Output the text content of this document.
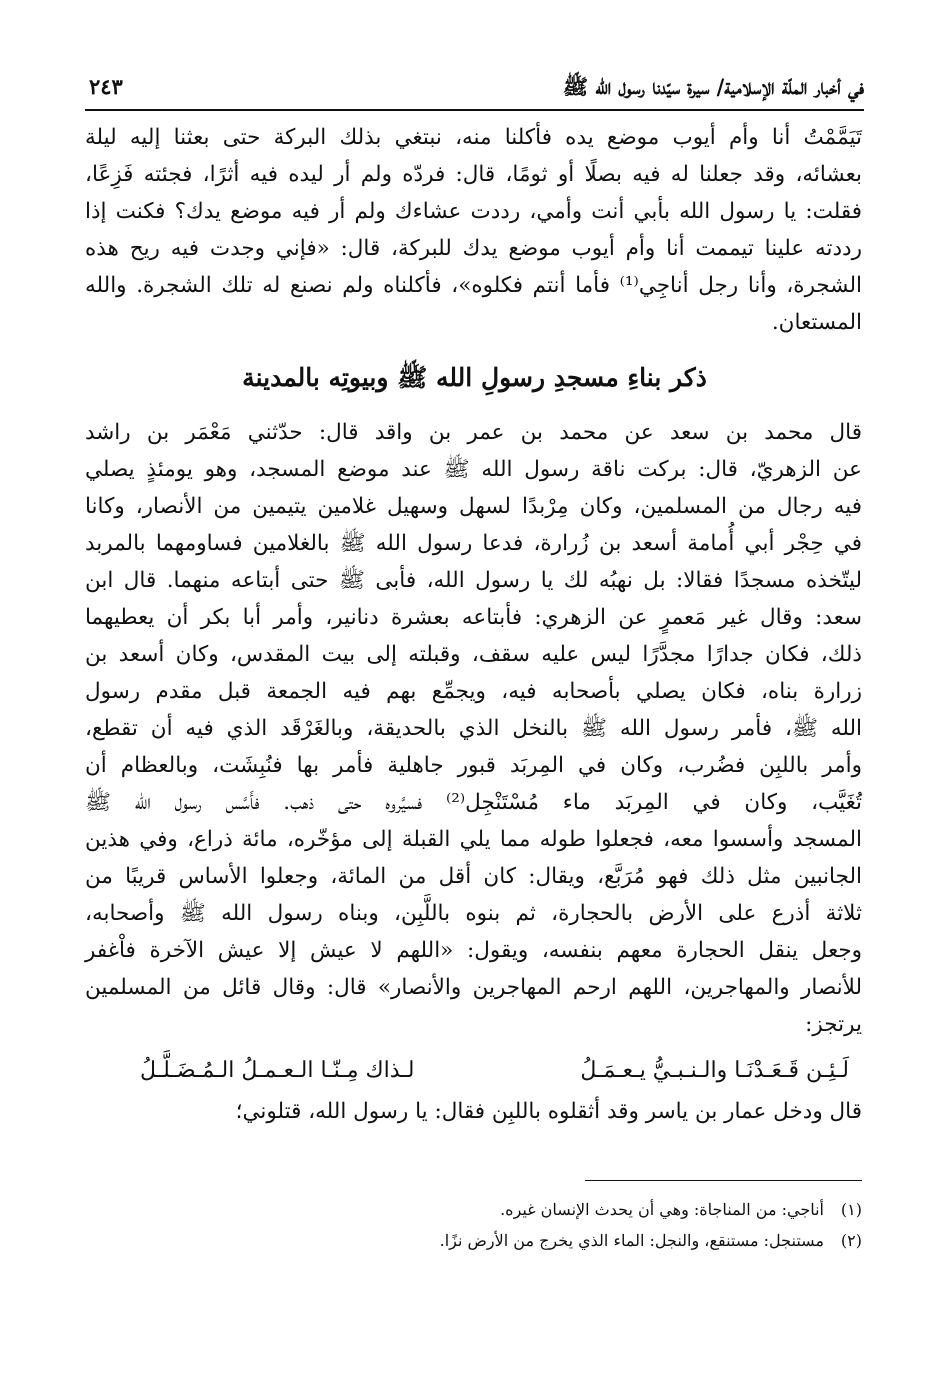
في أخبار الملّة الإسلامية/ سيرة سيّدنا رسول الله ﷺ
٢٤٣
تَيَمَّمْتُ أنا وأم أيوب موضع يده فأكلنا منه، نبتغي بذلك البركة حتى بعثنا إليه ليلة
بعشائه، وقد جعلنا له فيه بصلًا أو ثومًا، قال: فردّه ولم أر ليده فيه أثرًا، فجئته فَزِعًا،
فقلت: يا رسول الله بأبي أنت وأمي، رددت عشاءك ولم أر فيه موضع يدك؟ فكنت إذا
رددته علينا تيممت أنا وأم أيوب موضع يدك للبركة، قال: «فإني وجدت فيه ريح هذه
الشجرة، وأنا رجل أناجِي⁽¹⁾ فأما أنتم فكلوه»، فأكلناه ولم نصنع له تلك الشجرة. والله
المستعان.
ذكر بناءِ مسجدِ رسولِ الله ﷺ وبيوتِه بالمدينة
قال محمد بن سعد عن محمد بن عمر بن واقد قال: حدّثني مَعْمَر بن راشد
عن الزهريّ، قال: بركت ناقة رسول الله ﷺ عند موضع المسجد، وهو يومئذٍ يصلي
فيه رجال من المسلمين، وكان مِرْبدًا لسهل وسهيل غلامين يتيمين من الأنصار، وكانا
في حِجْر أبي أُمامة أسعد بن زُرارة، فدعا رسول الله ﷺ بالغلامين فساومهما بالمربد
ليتّخذه مسجدًا فقالا: بل نهبُه لك يا رسول الله، فأبى ﷺ حتى أبتاعه منهما. قال ابن
سعد: وقال غير مَعمرٍ عن الزهري: فأبتاعه بعشرة دنانير، وأمر أبا بكر أن يعطيهما
ذلك، فكان جدارًا مجدَّرًا ليس عليه سقف، وقبلته إلى بيت المقدس، وكان أسعد بن
زرارة بناه، فكان يصلي بأصحابه فيه، ويجمِّع بهم فيه الجمعة قبل مقدم رسول
الله ﷺ، فأمر رسول الله ﷺ بالنخل الذي بالحديقة، وبالغَرْقَد الذي فيه أن تقطع،
وأمر باللبِن فضُرب، وكان في المِربَد قبور جاهلية فأمر بها فنُبِشَت، وبالعظام أن
تُغَيَّب، وكان في المِربَد ماء مُسْتَنْجِل⁽²⁾ فسيَّروه حتى ذهب. فأَسَّس رسول الله ﷺ
المسجد وأسسوا معه، فجعلوا طوله مما يلي القبلة إلى مؤخّره، مائة ذراع، وفي هذين
الجانبين مثل ذلك فهو مُرَبَّع، ويقال: كان أقل من المائة، وجعلوا الأساس قريبًا من
ثلاثة أذرع على الأرض بالحجارة، ثم بنوه باللَّبِن، وبناه رسول الله ﷺ وأصحابه،
وجعل ينقل الحجارة معهم بنفسه، ويقول: «اللهم لا عيش إلا عيش الآخرة فاْغفر
للأنصار والمهاجرين، اللهم ارحم المهاجرين والأنصار» قال: وقال قائل من المسلمين
يرتجز:
لَـئِـن قَـعَـدْنَـا والـنـبـيُّ يـعـمَـلُ
لـذاك مِـنّـا الـعـمـلُ الـمُـضَـلَّـلُ
قال ودخل عمار بن ياسر وقد أثقلوه باللبِن فقال: يا رسول الله، قتلوني؛
(١)أناجي: من المناجاة: وهي أن يحدث الإنسان غيره.
(٢)مستنجل: مستنقع، والنجل: الماء الذي يخرج من الأرض نزًا.
